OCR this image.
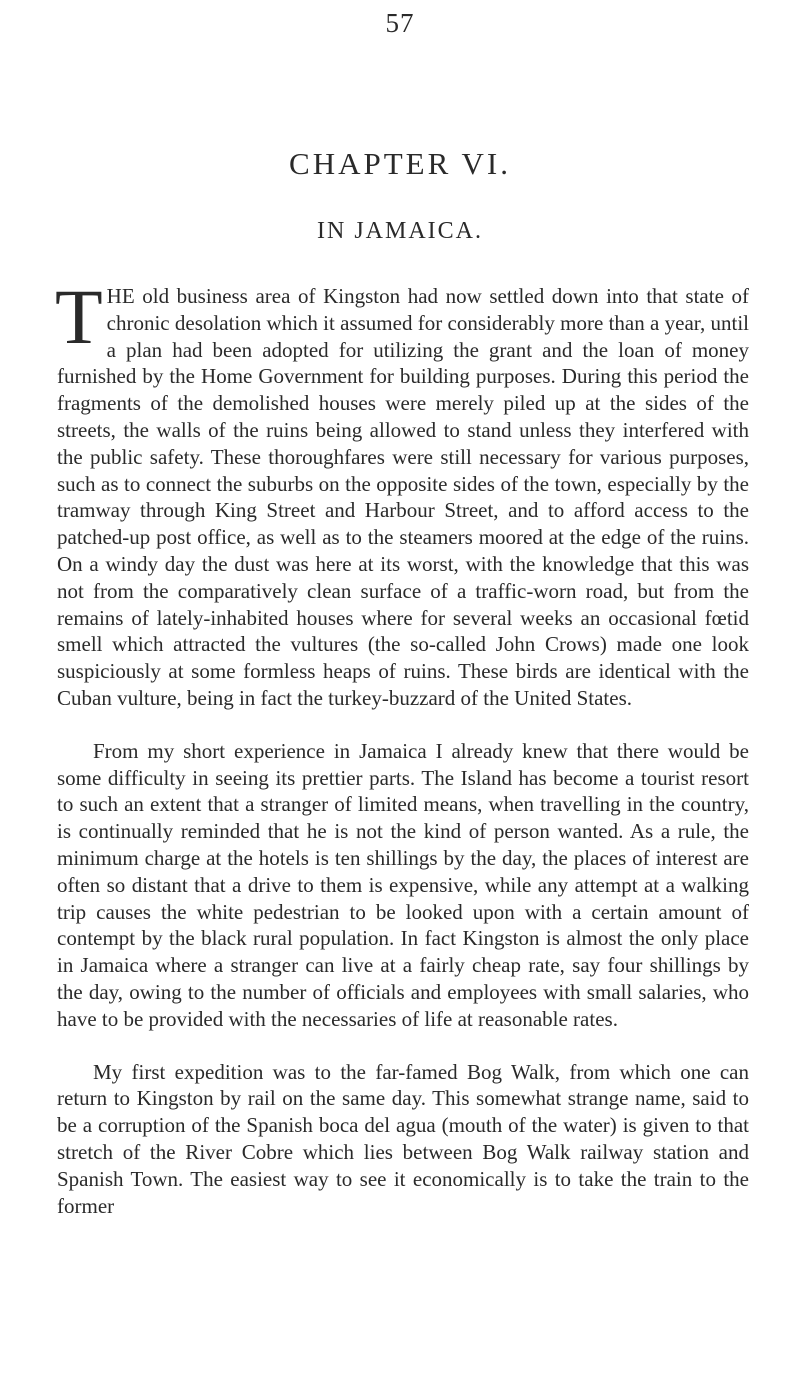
57
CHAPTER VI.
IN JAMAICA.

THE old business area of Kingston had now settled down into that state of chronic desolation which it assumed for considerably more than a year, until a plan had been adopted for utilizing the grant and the loan of money furnished by the Home Government for building purposes. During this period the fragments of the demolished houses were merely piled up at the sides of the streets, the walls of the ruins being allowed to stand unless they interfered with the public safety. These thoroughfares were still necessary for various purposes, such as to connect the suburbs on the opposite sides of the town, especially by the tramway through King Street and Harbour Street, and to afford access to the patched-up post office, as well as to the steamers moored at the edge of the ruins. On a windy day the dust was here at its worst, with the knowledge that this was not from the comparatively clean surface of a traffic-worn road, but from the remains of lately-inhabited houses where for several weeks an occasional fœtid smell which attracted the vultures (the so-called John Crows) made one look suspiciously at some formless heaps of ruins. These birds are identical with the Cuban vulture, being in fact the turkey-buzzard of the United States.

From my short experience in Jamaica I already knew that there would be some difficulty in seeing its prettier parts. The Island has become a tourist resort to such an extent that a stranger of limited means, when travelling in the country, is continually reminded that he is not the kind of person wanted. As a rule, the minimum charge at the hotels is ten shillings by the day, the places of interest are often so distant that a drive to them is expensive, while any attempt at a walking trip causes the white pedestrian to be looked upon with a certain amount of contempt by the black rural population. In fact Kingston is almost the only place in Jamaica where a stranger can live at a fairly cheap rate, say four shillings by the day, owing to the number of officials and employees with small salaries, who have to be provided with the necessaries of life at reasonable rates.

My first expedition was to the far-famed Bog Walk, from which one can return to Kingston by rail on the same day. This somewhat strange name, said to be a corruption of the Spanish boca del agua (mouth of the water) is given to that stretch of the River Cobre which lies between Bog Walk railway station and Spanish Town. The easiest way to see it economically is to take the train to the former
